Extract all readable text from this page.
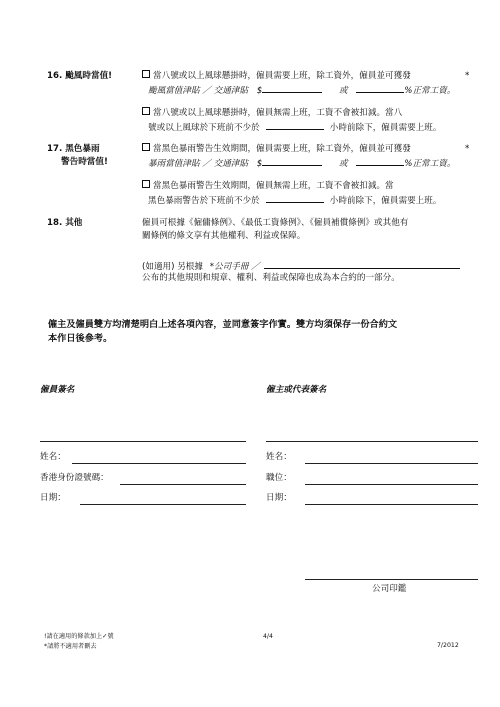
16. 颱風時當值!	當八號或以上風球懸掛時，僱員需要上班，除工資外，僱員並可獲發	*
颱風當值津貼 ／ 交通津貼 $	或	%正常工資。
當八號或以上風球懸掛時，僱員無需上班，工資不會被扣減。當八
號或以上風球於下班前不少於	小時前除下，僱員需要上班。
17. 黑色暴雨
警告時當值!
當黑色暴雨警告生效期間，僱員需要上班，除工資外，僱員並可獲發	*
暴雨當值津貼 ／ 交通津貼 $	或	%正常工資。
當黑色暴雨警告生效期間，僱員無需上班，工資不會被扣減。當
黑色暴雨警告於下班前不少於	小時前除下，僱員需要上班。
18. 其他	僱員可根據《僱傭條例》、《最低工資條例》、《僱員補償條例》或其他有
關條例的條文享有其他權利、利益或保障。
(如適用) 另根據 *公司手冊 ／
公布的其他規則和規章、權利、利益或保障也成為本合約的一部分。
僱主及僱員雙方均清楚明白上述各項內容，並同意簽字作實。雙方均須保存一份合約文
本作日後參考。
僱員簽名	僱主或代表簽名
姓名：
香港身份證號碼：
日期：
姓名：
職位：
日期：
公司印鑑
!請在適用的條款加上✓號
*請將不適用者刪去
4/4
7/2012
